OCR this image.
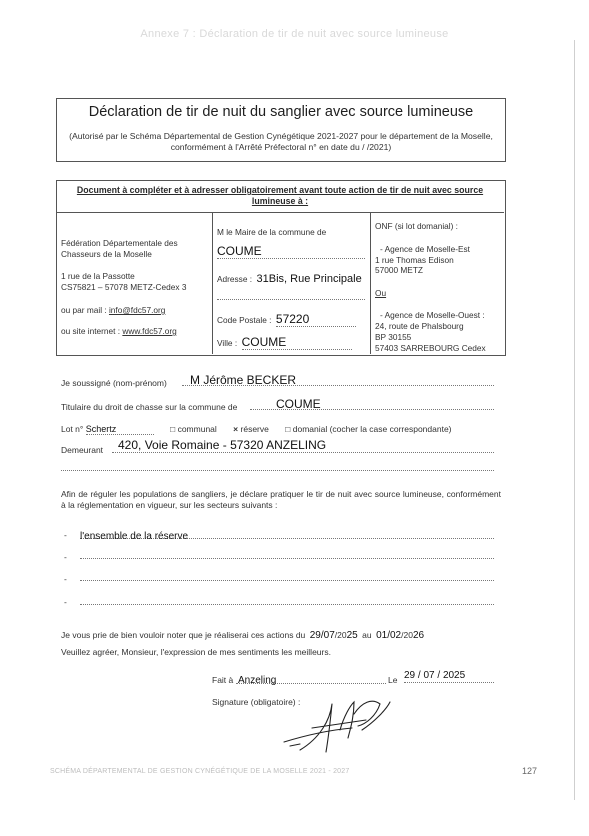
Annexe 7 : Déclaration de tir de nuit avec source lumineuse
Déclaration de tir de nuit du sanglier avec source lumineuse
(Autorisé par le Schéma Départemental de Gestion Cynégétique 2021-2027 pour le département de la Moselle, conformément à l'Arrêté Préfectoral n° en date du / /2021)
Document à compléter et à adresser obligatoirement avant toute action de tir de nuit avec source lumineuse à :
Fédération Départementale des
Chasseurs de la Moselle
1 rue de la Passotte
CS75821 – 57078 METZ-Cedex 3
ou par mail : info@fdc57.org
ou site internet : www.fdc57.org
M le Maire de la commune de
COUME
Adresse : 31Bis, Rue Principale
Code Postale : 57220
Ville : COUME
ONF (si lot domanial) :
- Agence de Moselle-Est
1 rue Thomas Edison
57000 METZ
Ou
- Agence de Moselle-Ouest :
24, route de Phalsbourg
BP 30155
57403 SARREBOURG Cedex
Je soussigné (nom-prénom)	M Jérôme BECKER
Titulaire du droit de chasse sur la commune de	COUME
Lot n° Schertz	□ communal × réserve □ domanial (cocher la case correspondante)
Demeurant	420, Voie Romaine - 57320 ANZELING
Afin de réguler les populations de sangliers, je déclare pratiquer le tir de nuit avec source lumineuse, conformément à la réglementation en vigueur, sur les secteurs suivants :
- l'ensemble de la réserve
-
-
-
Je vous prie de bien vouloir noter que je réaliserai ces actions du 29/07/2025 au 01/02/2026
Veuillez agréer, Monsieur, l'expression de mes sentiments les meilleurs.
Fait à Anzeling	Le 29 / 07 / 2025
Signature (obligatoire) :
SCHÉMA DÉPARTEMENTAL DE GESTION CYNÉGÉTIQUE DE LA MOSELLE 2021 - 2027	127
